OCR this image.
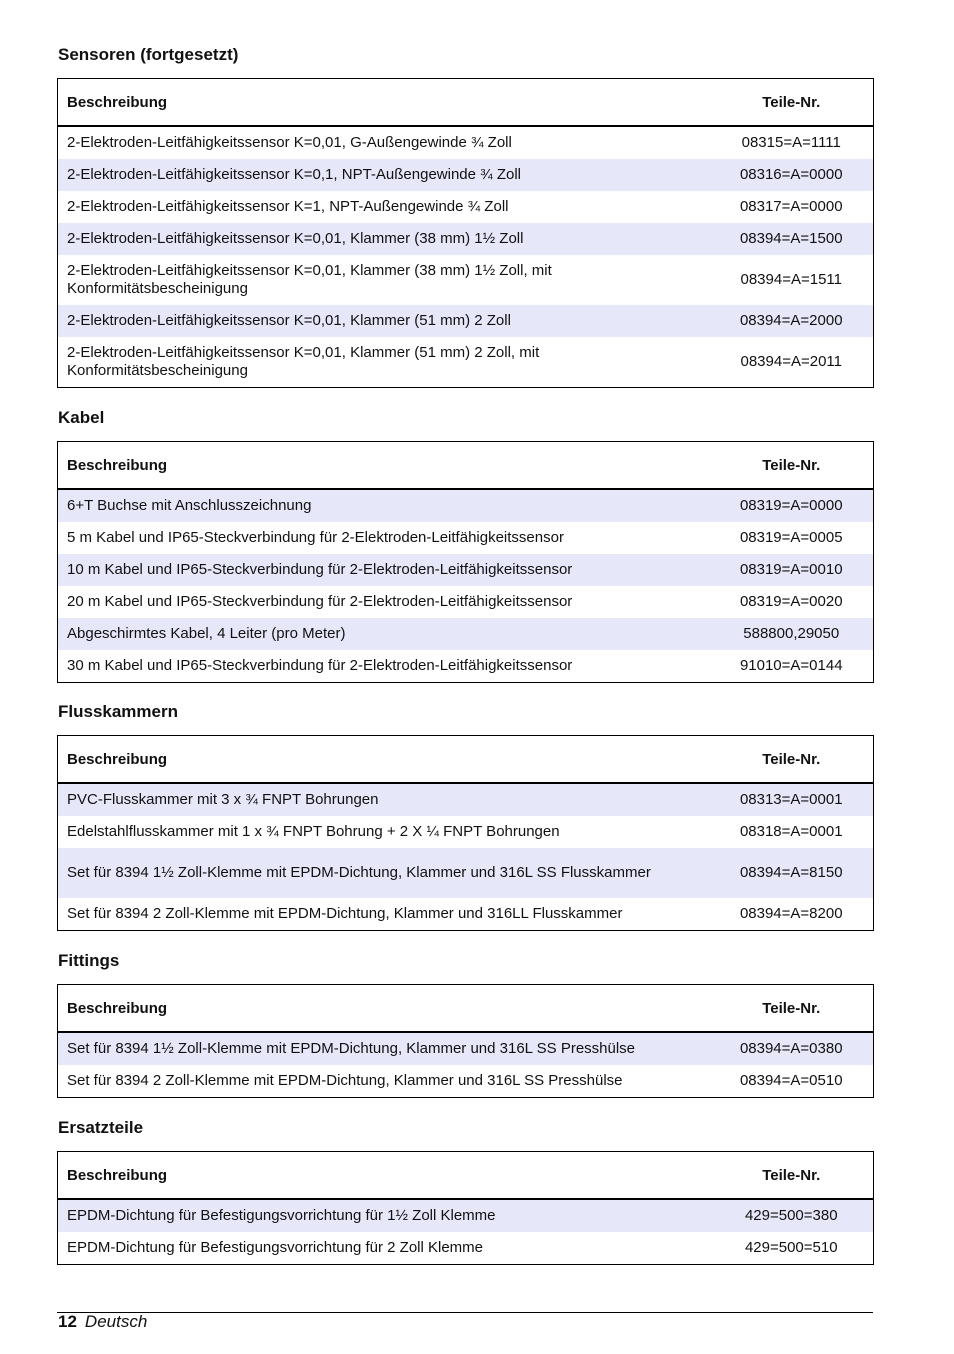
Sensoren (fortgesetzt)
Beschreibung	Teile-Nr.
2-Elektroden-Leitfähigkeitssensor K=0,01, G-Außengewinde ¾ Zoll	08315=A=1111
2-Elektroden-Leitfähigkeitssensor K=0,1, NPT-Außengewinde ¾ Zoll	08316=A=0000
2-Elektroden-Leitfähigkeitssensor K=1, NPT-Außengewinde ¾ Zoll	08317=A=0000
2-Elektroden-Leitfähigkeitssensor K=0,01, Klammer (38 mm) 1½ Zoll	08394=A=1500
2-Elektroden-Leitfähigkeitssensor K=0,01, Klammer (38 mm) 1½ Zoll, mit Konformitätsbescheinigung	08394=A=1511
2-Elektroden-Leitfähigkeitssensor K=0,01, Klammer (51 mm) 2 Zoll	08394=A=2000
2-Elektroden-Leitfähigkeitssensor K=0,01, Klammer (51 mm) 2 Zoll, mit Konformitätsbescheinigung	08394=A=2011
Kabel
Beschreibung	Teile-Nr.
6+T Buchse mit Anschlusszeichnung	08319=A=0000
5 m Kabel und IP65-Steckverbindung für 2-Elektroden-Leitfähigkeitssensor	08319=A=0005
10 m Kabel und IP65-Steckverbindung für 2-Elektroden-Leitfähigkeitssensor	08319=A=0010
20 m Kabel und IP65-Steckverbindung für 2-Elektroden-Leitfähigkeitssensor	08319=A=0020
Abgeschirmtes Kabel, 4 Leiter (pro Meter)	588800,29050
30 m Kabel und IP65-Steckverbindung für 2-Elektroden-Leitfähigkeitssensor	91010=A=0144
Flusskammern
Beschreibung	Teile-Nr.
PVC-Flusskammer mit 3 x ¾ FNPT Bohrungen	08313=A=0001
Edelstahlflusskammer mit 1 x ¾ FNPT Bohrung + 2 X ¼ FNPT Bohrungen	08318=A=0001
Set für 8394 1½ Zoll-Klemme mit EPDM-Dichtung, Klammer und 316L SS Flusskammer	08394=A=8150
Set für 8394 2 Zoll-Klemme mit EPDM-Dichtung, Klammer und 316LL Flusskammer	08394=A=8200
Fittings
Beschreibung	Teile-Nr.
Set für 8394 1½ Zoll-Klemme mit EPDM-Dichtung, Klammer und 316L SS Presshülse	08394=A=0380
Set für 8394 2 Zoll-Klemme mit EPDM-Dichtung, Klammer und 316L SS Presshülse	08394=A=0510
Ersatzteile
Beschreibung	Teile-Nr.
EPDM-Dichtung für Befestigungsvorrichtung für 1½ Zoll Klemme	429=500=380
EPDM-Dichtung für Befestigungsvorrichtung für 2 Zoll Klemme	429=500=510
12 Deutsch
